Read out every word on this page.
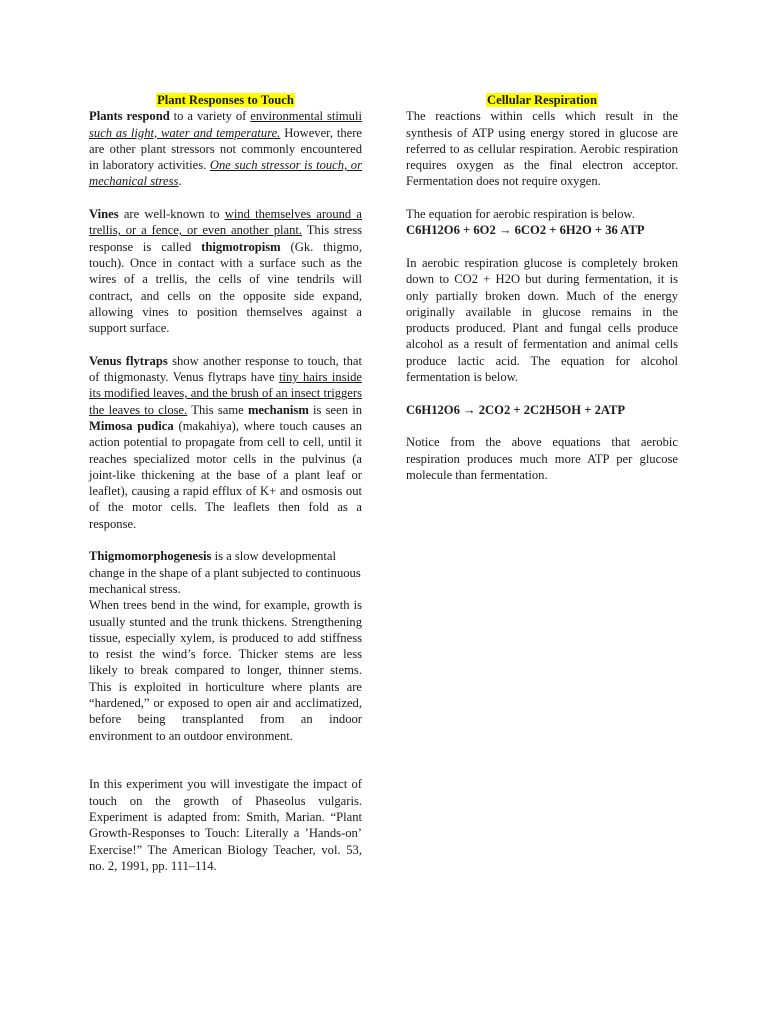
Plant Responses to Touch

Plants respond to a variety of environmental stimuli such as light, water and temperature. However, there are other plant stressors not commonly encountered in laboratory activities. One such stressor is touch, or mechanical stress.

Vines are well-known to wind themselves around a trellis, or a fence, or even another plant. This stress response is called thigmotropism (Gk. thigmo, touch). Once in contact with a surface such as the wires of a trellis, the cells of vine tendrils will contract, and cells on the opposite side expand, allowing vines to position themselves against a support surface.

Venus flytraps show another response to touch, that of thigmonasty. Venus flytraps have tiny hairs inside its modified leaves, and the brush of an insect triggers the leaves to close. This same mechanism is seen in Mimosa pudica (makahiya), where touch causes an action potential to propagate from cell to cell, until it reaches specialized motor cells in the pulvinus (a joint-like thickening at the base of a plant leaf or leaflet), causing a rapid efflux of K+ and osmosis out of the motor cells. The leaflets then fold as a response.

Thigmomorphogenesis is a slow developmental change in the shape of a plant subjected to continuous mechanical stress.
When trees bend in the wind, for example, growth is usually stunted and the trunk thickens. Strengthening tissue, especially xylem, is produced to add stiffness to resist the wind’s force. Thicker stems are less likely to break compared to longer, thinner stems. This is exploited in horticulture where plants are “hardened,” or exposed to open air and acclimatized, before being transplanted from an indoor environment to an outdoor environment.

In this experiment you will investigate the impact of touch on the growth of Phaseolus vulgaris. Experiment is adapted from: Smith, Marian. “Plant Growth-Responses to Touch: Literally a ’Hands-on’ Exercise!” The American Biology Teacher, vol. 53, no. 2, 1991, pp. 111–114.

Cellular Respiration

The reactions within cells which result in the synthesis of ATP using energy stored in glucose are referred to as cellular respiration. Aerobic respiration requires oxygen as the final electron acceptor. Fermentation does not require oxygen.

The equation for aerobic respiration is below.

C6H12O6 + 6O2 → 6CO2 + 6H2O + 36 ATP

In aerobic respiration glucose is completely broken down to CO2 + H2O but during fermentation, it is only partially broken down. Much of the energy originally available in glucose remains in the products produced. Plant and fungal cells produce alcohol as a result of fermentation and animal cells produce lactic acid. The equation for alcohol fermentation is below.

C6H12O6 → 2CO2 + 2C2H5OH + 2ATP

Notice from the above equations that aerobic respiration produces much more ATP per glucose molecule than fermentation.
